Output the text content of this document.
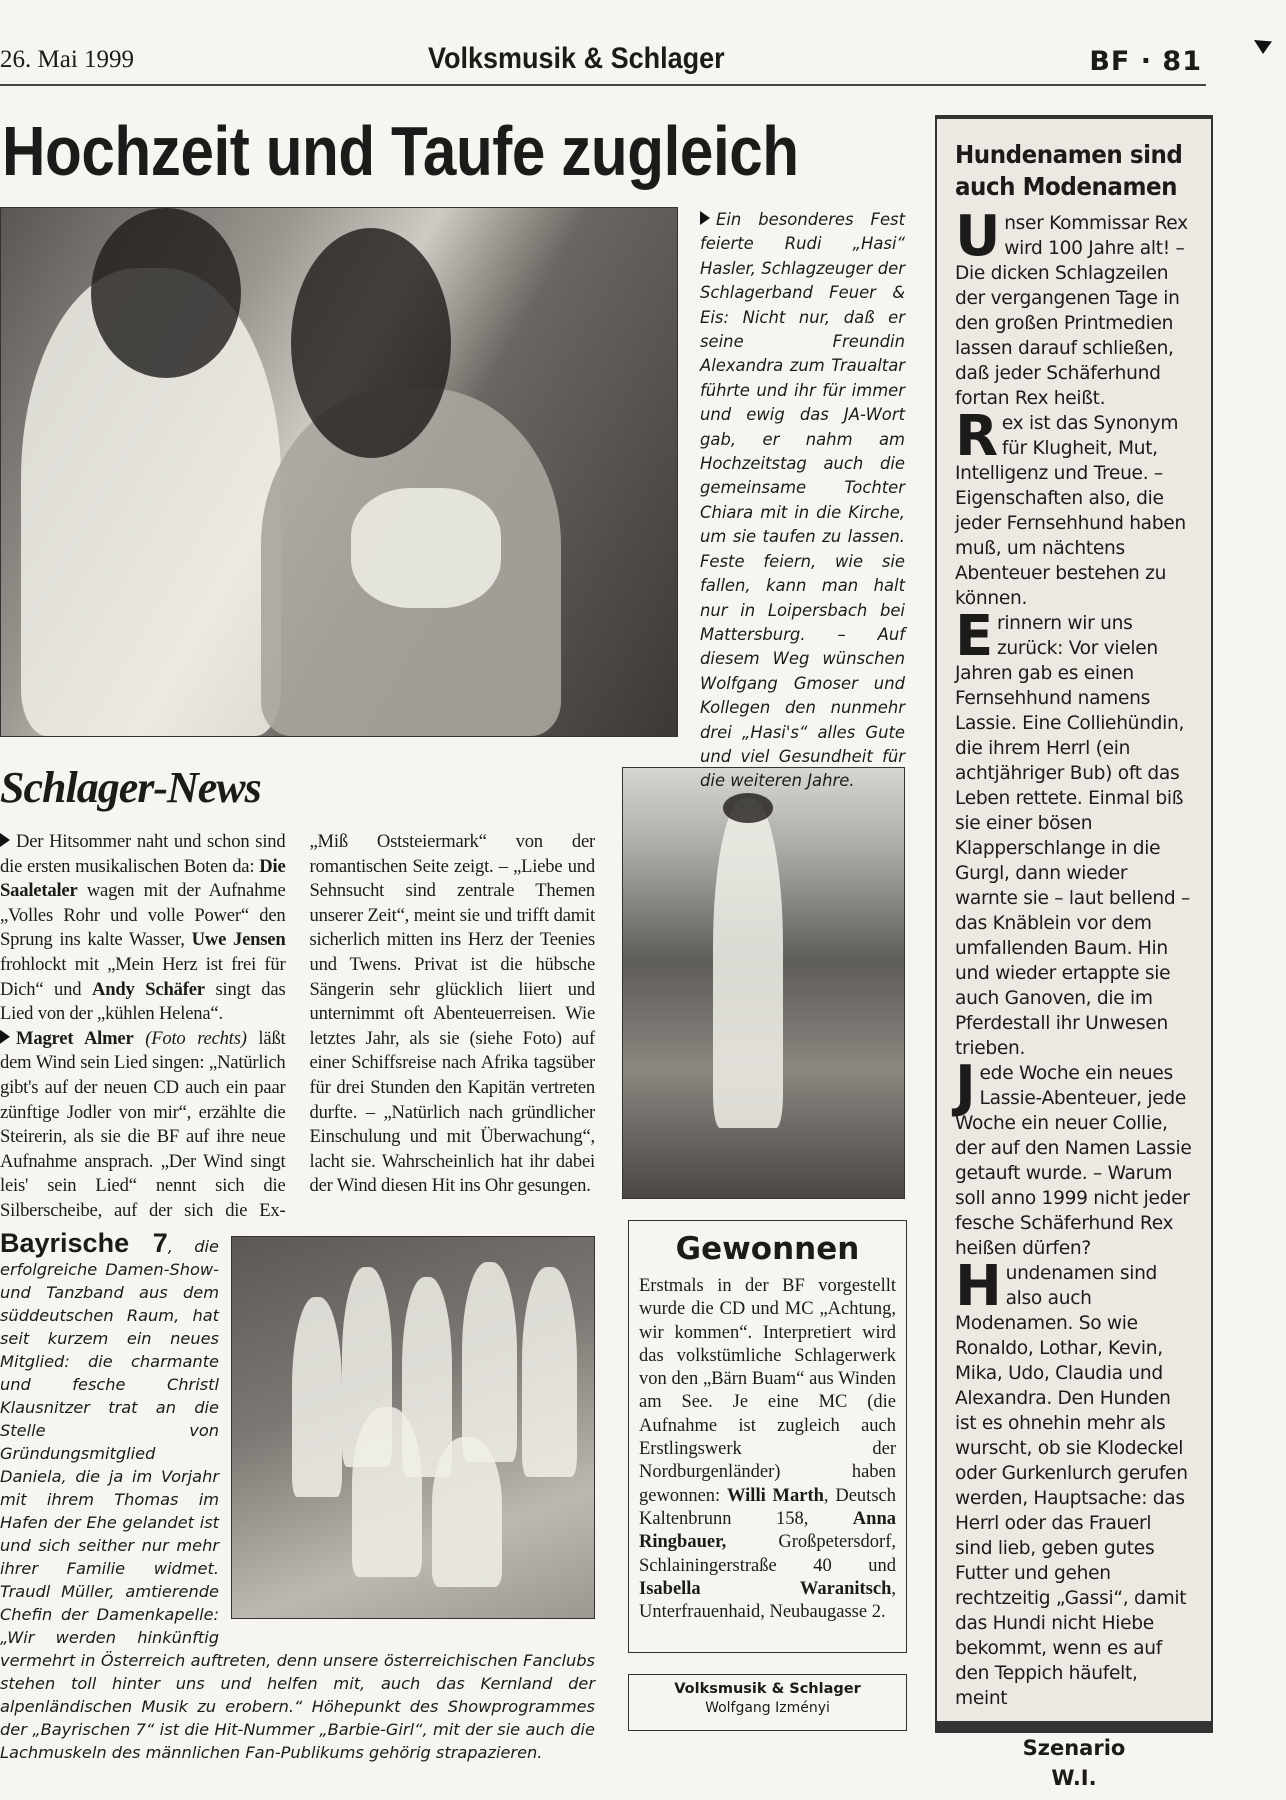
26. Mai 1999	Volksmusik & Schlager	BF · 81
Hochzeit und Taufe zugleich
Ein besonderes Fest feierte Rudi „Hasi“ Hasler, Schlagzeuger der Schlagerband Feuer & Eis: Nicht nur, daß er seine Freundin Alexandra zum Traualtar führte und ihr für immer und ewig das JA-Wort gab, er nahm am Hochzeitstag auch die gemeinsame Tochter Chiara mit in die Kirche, um sie taufen zu lassen. Feste feiern, wie sie fallen, kann man halt nur in Loipersbach bei Mattersburg. – Auf diesem Weg wünschen Wolfgang Gmoser und Kollegen den nunmehr drei „Hasi's“ alles Gute und viel Gesundheit für die weiteren Jahre.
Schlager-News

Der Hitsommer naht und schon sind die ersten musikalischen Boten da: Die Saaletaler wagen mit der Aufnahme „Volles Rohr und volle Power“ den Sprung ins kalte Wasser, Uwe Jensen frohlockt mit „Mein Herz ist frei für Dich“ und Andy Schäfer singt das Lied von der „kühlen Helena“.

Magret Almer (Foto rechts) läßt dem Wind sein Lied singen: „Natürlich gibt's auf der neuen CD auch ein paar zünftige Jodler von mir“, erzählte die Steirerin, als sie die BF auf ihre neue Aufnahme ansprach. „Der Wind singt leis' sein Lied“ nennt sich die Silberscheibe, auf der sich die Ex-„Miß Oststeiermark“ von der romantischen Seite zeigt. – „Liebe und Sehnsucht sind zentrale Themen unserer Zeit“, meint sie und trifft damit sicherlich mitten ins Herz der Teenies und Twens. Privat ist die hübsche Sängerin sehr glücklich liiert und unternimmt oft Abenteuerreisen. Wie letztes Jahr, als sie (siehe Foto) auf einer Schiffsreise nach Afrika tagsüber für drei Stunden den Kapitän vertreten durfte. – „Natürlich nach gründlicher Einschulung und mit Überwachung“, lacht sie. Wahrscheinlich hat ihr dabei der Wind diesen Hit ins Ohr gesungen.

Bayrische 7, die erfolgreiche Damen-Show- und Tanzband aus dem süddeutschen Raum, hat seit kurzem ein neues Mitglied: die charmante und fesche Christl Klausnitzer trat an die Stelle von Gründungsmitglied Daniela, die ja im Vorjahr mit ihrem Thomas im Hafen der Ehe gelandet ist und sich seither nur mehr ihrer Familie widmet. Traudl Müller, amtierende Chefin der Damenkapelle: „Wir werden hinkünftig vermehrt in Österreich auftreten, denn unsere österreichischen Fanclubs stehen toll hinter uns und helfen mit, auch das Kernland der alpenländischen Musik zu erobern.“ Höhepunkt des Showprogrammes der „Bayrischen 7“ ist die Hit-Nummer „Barbie-Girl“, mit der sie auch die Lachmuskeln des männlichen Fan-Publikums gehörig strapazieren.
Gewonnen
Erstmals in der BF vorgestellt wurde die CD und MC „Achtung, wir kommen“. Interpretiert wird das volkstümliche Schlagerwerk von den „Bärn Buam“ aus Winden am See. Je eine MC (die Aufnahme ist zugleich auch Erstlingswerk der Nordburgenländer) haben gewonnen: Willi Marth, Deutsch Kaltenbrunn 158, Anna Ringbauer, Großpetersdorf, Schlainingerstraße 40 und Isabella Waranitsch, Unterfrauenhaid, Neubaugasse 2.
Volksmusik & Schlager
Wolfgang Izményi
Hundenamen sind
auch Modenamen

Unser Kommissar Rex wird 100 Jahre alt! – Die dicken Schlagzeilen der vergangenen Tage in den großen Printmedien lassen darauf schließen, daß jeder Schäferhund fortan Rex heißt.

Rex ist das Synonym für Klugheit, Mut, Intelligenz und Treue. – Eigenschaften also, die jeder Fernsehhund haben muß, um nächtens Abenteuer bestehen zu können.

Erinnern wir uns zurück: Vor vielen Jahren gab es einen Fernsehhund namens Lassie. Eine Colliehündin, die ihrem Herrl (ein achtjähriger Bub) oft das Leben rettete. Einmal biß sie einer bösen Klapperschlange in die Gurgl, dann wieder warnte sie – laut bellend – das Knäblein vor dem umfallenden Baum. Hin und wieder ertappte sie auch Ganoven, die im Pferdestall ihr Unwesen trieben.

Jede Woche ein neues Lassie-Abenteuer, jede Woche ein neuer Collie, der auf den Namen Lassie getauft wurde. – Warum soll anno 1999 nicht jeder fesche Schäferhund Rex heißen dürfen?

Hundenamen sind also auch Modenamen. So wie Ronaldo, Lothar, Kevin, Mika, Udo, Claudia und Alexandra. Den Hunden ist es ohnehin mehr als wurscht, ob sie Klodeckel oder Gurkenlurch gerufen werden, Hauptsache: das Herrl oder das Frauerl sind lieb, geben gutes Futter und gehen rechtzeitig „Gassi“, damit das Hundi nicht Hiebe bekommt, wenn es auf den Teppich häufelt, meint

Szenario
W.I.
